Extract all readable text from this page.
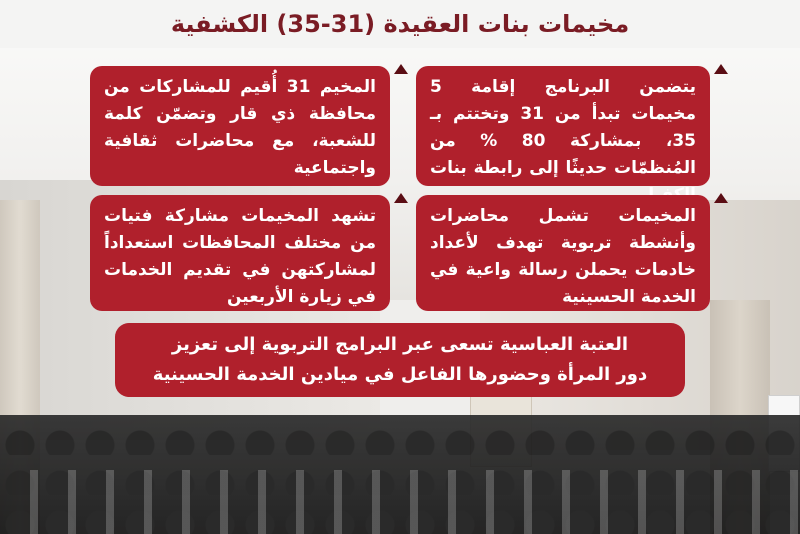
مخيمات بنات العقيدة (31-35) الكشفية
يتضمن البرنامج إقامة 5 مخيمات تبدأ من 31 وتختتم بـ 35، بمشاركة 80 % من المُنظمّات حديثًا إلى رابطة بنات
المخيمات تشمل محاضرات وأنشطة تربوية تهدف لأعداد خادمات يحملن رسالة واعية في الخدمة الحسينية
المخيم 31 أُقيم للمشاركات من محافظة ذي قار وتضمّن كلمة للشعبة، مع محاضرات ثقافية واجتماعية
تشهد المخيمات مشاركة فتيات من مختلف المحافظات استعداداً لمشاركتهن في تقديم الخدمات في زيارة الأربعين
العتبة العباسية تسعى عبر البرامج التربوية إلى تعزيز
دور المرأة وحضورها الفاعل في ميادين الخدمة الحسينية
